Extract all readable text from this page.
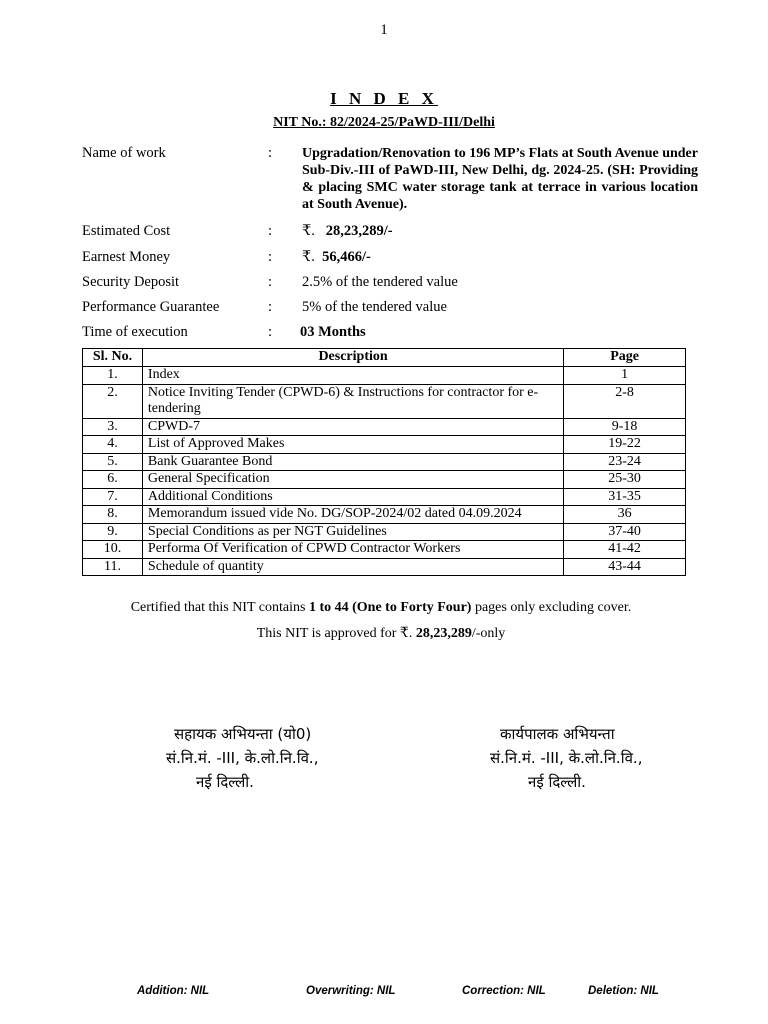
1
I N D E X
NIT No.: 82/2024-25/PaWD-III/Delhi
Name of work	: Upgradation/Renovation to 196 MP’s Flats at South Avenue under Sub-Div.-III of PaWD-III, New Delhi, dg. 2024-25. (SH: Providing & placing SMC water storage tank at terrace in various location at South Avenue).
Estimated Cost	: ₹. 28,23,289/-
Earnest Money	: ₹. 56,466/-
Security Deposit	: 2.5% of the tendered value
Performance Guarantee	: 5% of the tendered value
Time of execution	: 03 Months
Sl. No.	Description	Page
1.	Index	1
2.	Notice Inviting Tender (CPWD-6) & Instructions for contractor for e-tendering	2-8
3.	CPWD-7	9-18
4.	List of Approved Makes	19-22
5.	Bank Guarantee Bond	23-24
6.	General Specification	25-30
7.	Additional Conditions	31-35
8.	Memorandum issued vide No. DG/SOP-2024/02 dated 04.09.2024	36
9.	Special Conditions as per NGT Guidelines	37-40
10.	Performa Of Verification of CPWD Contractor Workers	41-42
11.	Schedule of quantity	43-44
Certified that this NIT contains 1 to 44 (One to Forty Four) pages only excluding cover.
This NIT is approved for ₹. 28,23,289/-only
सहायक अभियन्ता (यो0)
सं.नि.मं. -III, के.लो.नि.वि.,
नई दिल्ली.
कार्यपालक अभियन्ता
सं.नि.मं. -III, के.लो.नि.वि.,
नई दिल्ली.
Addition: NIL	Overwriting: NIL	Correction: NIL	Deletion: NIL
